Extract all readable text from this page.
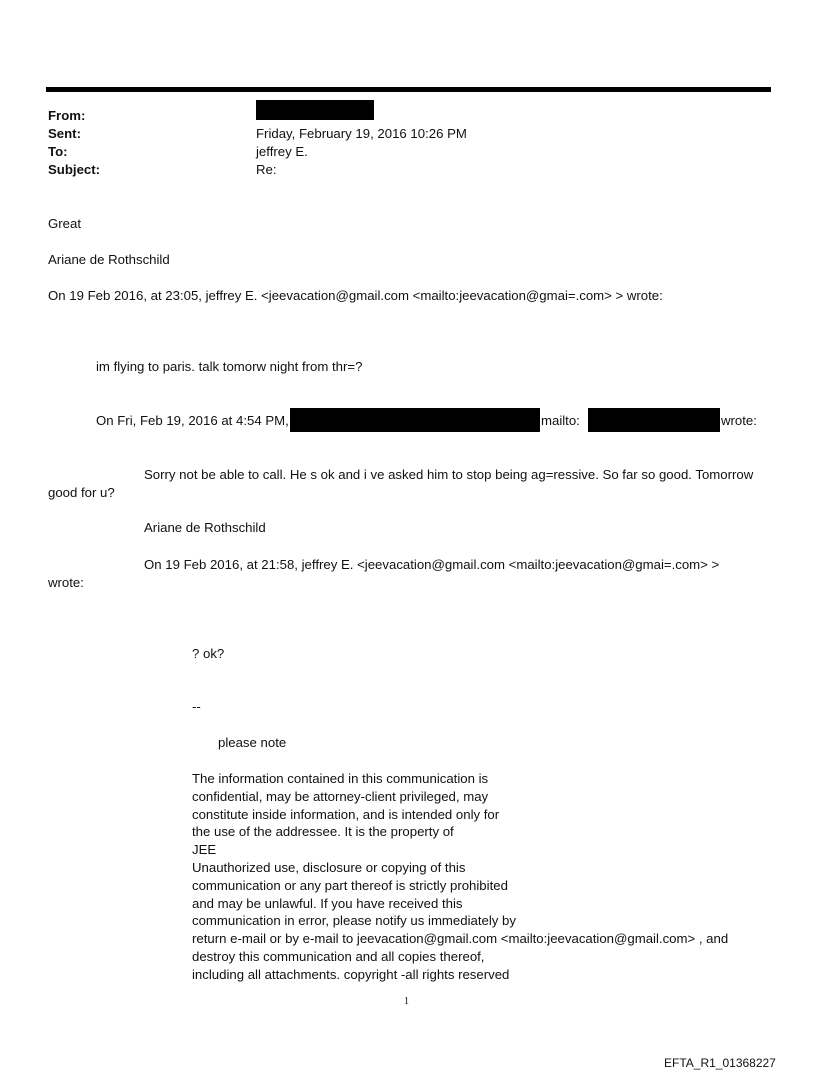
From:
Sent:	Friday, February 19, 2016 10:26 PM
To:	jeffrey E.
Subject:	Re:
Great
Ariane de Rothschild
On 19 Feb 2016, at 23:05, jeffrey E. <jeevacation@gmail.com <mailto:jeevacation@gmai=.com> > wrote:
im flying to paris. talk tomorw night from thr=?
On Fri, Feb 19, 2016 at 4:54 PM,	mailto:	wrote:
Sorry not be able to call. He s ok and i ve asked him to stop being ag=ressive. So far so good. Tomorrow
good for u?
Ariane de Rothschild
On 19 Feb 2016, at 21:58, jeffrey E. <jeevacation@gmail.com <mailto:jeevacation@gmai=.com> >
wrote:
? ok?
--
please note
The information contained in this communication is
confidential, may be attorney-client privileged, may
constitute inside information, and is intended only for
the use of the addressee. It is the property of
JEE
Unauthorized use, disclosure or copying of this
communication or any part thereof is strictly prohibited
and may be unlawful. If you have received this
communication in error, please notify us immediately by
return e-mail or by e-mail to jeevacation@gmail.com <mailto:jeevacation@gmail.com> , and
destroy this communication and all copies thereof,
including all attachments. copyright -all rights reserved
1
EFTA_R1_01368227
